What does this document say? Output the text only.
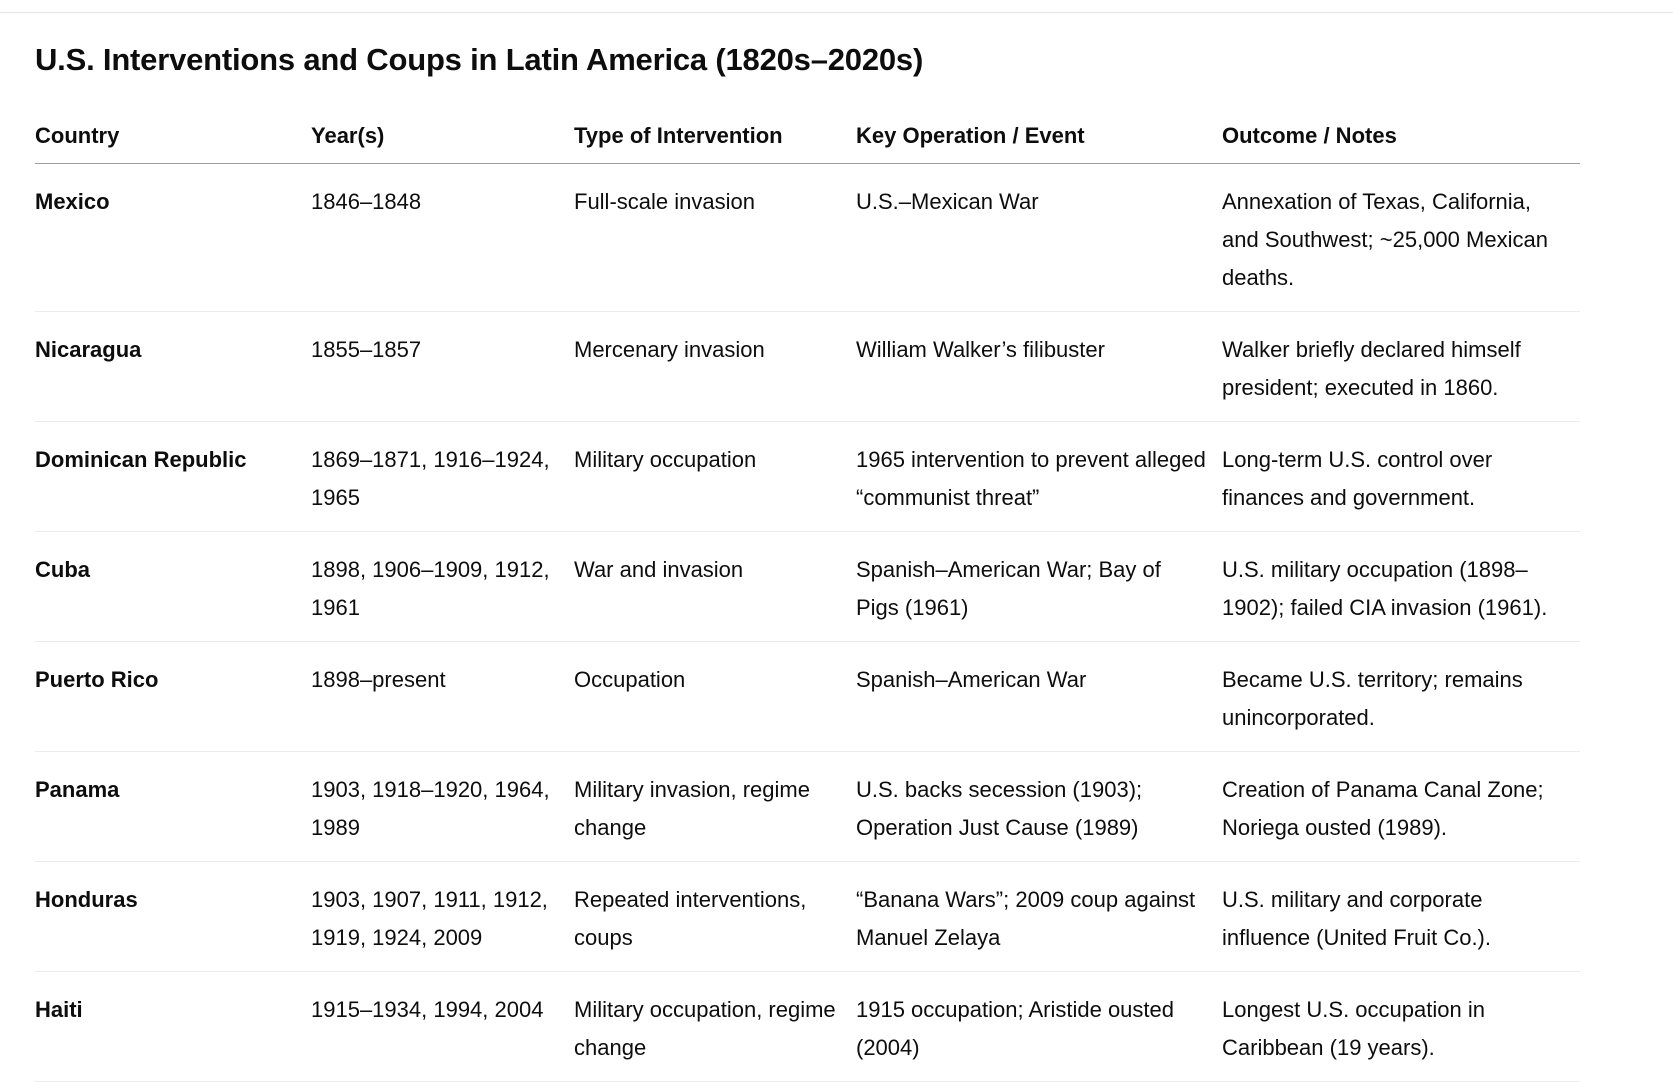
U.S. Interventions and Coups in Latin America (1820s–2020s)
Country	Year(s)	Type of Intervention	Key Operation / Event	Outcome / Notes

Mexico	1846–1848	Full-scale invasion	U.S.–Mexican War	Annexation of Texas, California, and Southwest; ~25,000 Mexican deaths.

Nicaragua	1855–1857	Mercenary invasion	William Walker’s filibuster	Walker briefly declared himself president; executed in 1860.

Dominican Republic	1869–1871, 1916–1924, 1965	Military occupation	1965 intervention to prevent alleged “communist threat”	Long-term U.S. control over finances and government.

Cuba	1898, 1906–1909, 1912, 1961	War and invasion	Spanish–American War; Bay of Pigs (1961)	U.S. military occupation (1898–1902); failed CIA invasion (1961).

Puerto Rico	1898–present	Occupation	Spanish–American War	Became U.S. territory; remains unincorporated.

Panama	1903, 1918–1920, 1964, 1989	Military invasion, regime change	U.S. backs secession (1903); Operation Just Cause (1989)	Creation of Panama Canal Zone; Noriega ousted (1989).

Honduras	1903, 1907, 1911, 1912, 1919, 1924, 2009	Repeated interventions, coups	“Banana Wars”; 2009 coup against Manuel Zelaya	U.S. military and corporate influence (United Fruit Co.).

Haiti	1915–1934, 1994, 2004	Military occupation, regime change	1915 occupation; Aristide ousted (2004)	Longest U.S. occupation in Caribbean (19 years).
